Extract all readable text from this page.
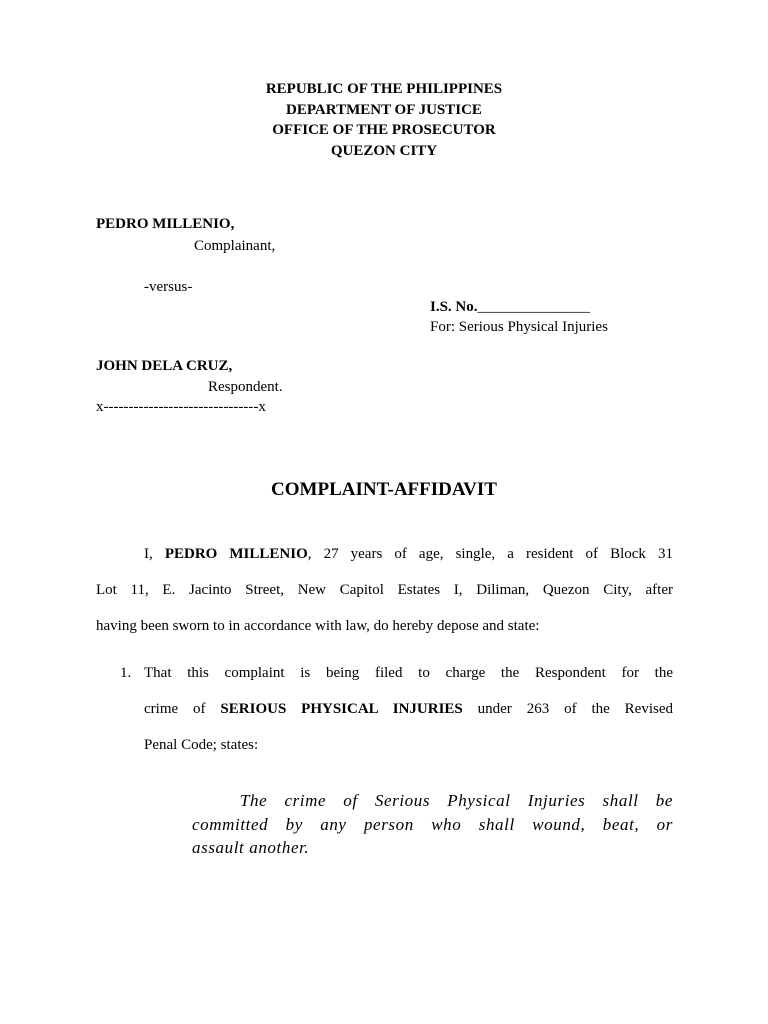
REPUBLIC OF THE PHILIPPINES
DEPARTMENT OF JUSTICE
OFFICE OF THE PROSECUTOR
QUEZON CITY
PEDRO MILLENIO,
Complainant,
-versus-
I.S. No._______________
For: Serious Physical Injuries
JOHN DELA CRUZ,
Respondent.
x-------------------------------x
COMPLAINT-AFFIDAVIT
I, PEDRO MILLENIO, 27 years of age, single, a resident of Block 31
Lot 11, E. Jacinto Street, New Capitol Estates I, Diliman, Quezon City, after
having been sworn to in accordance with law, do hereby depose and state:
1. That this complaint is being filed to charge the Respondent for the
crime of SERIOUS PHYSICAL INJURIES under 263 of the Revised
Penal Code; states:
The crime of Serious Physical Injuries shall be
committed by any person who shall wound, beat, or
assault another.
